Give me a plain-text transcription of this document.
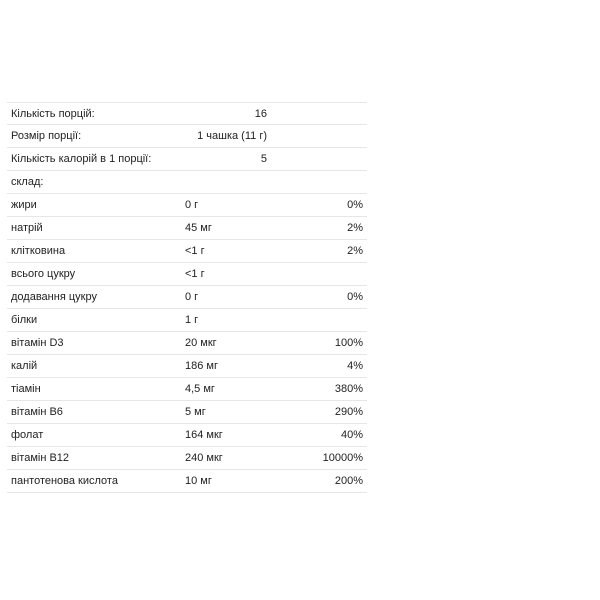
Кількість порцій:	16
Розмір порції:	1 чашка (11 г)
Кількість калорій в 1 порції:	5
склад:
жири	0 г	0%
натрій	45 мг	2%
клітковина	<1 г	2%
всього цукру	<1 г
додавання цукру	0 г	0%
білки	1 г
вітамін D3	20 мкг	100%
калій	186 мг	4%
тіамін	4,5 мг	380%
вітамін B6	5 мг	290%
фолат	164 мкг	40%
вітамін B12	240 мкг	10000%
пантотенова кислота	10 мг	200%
